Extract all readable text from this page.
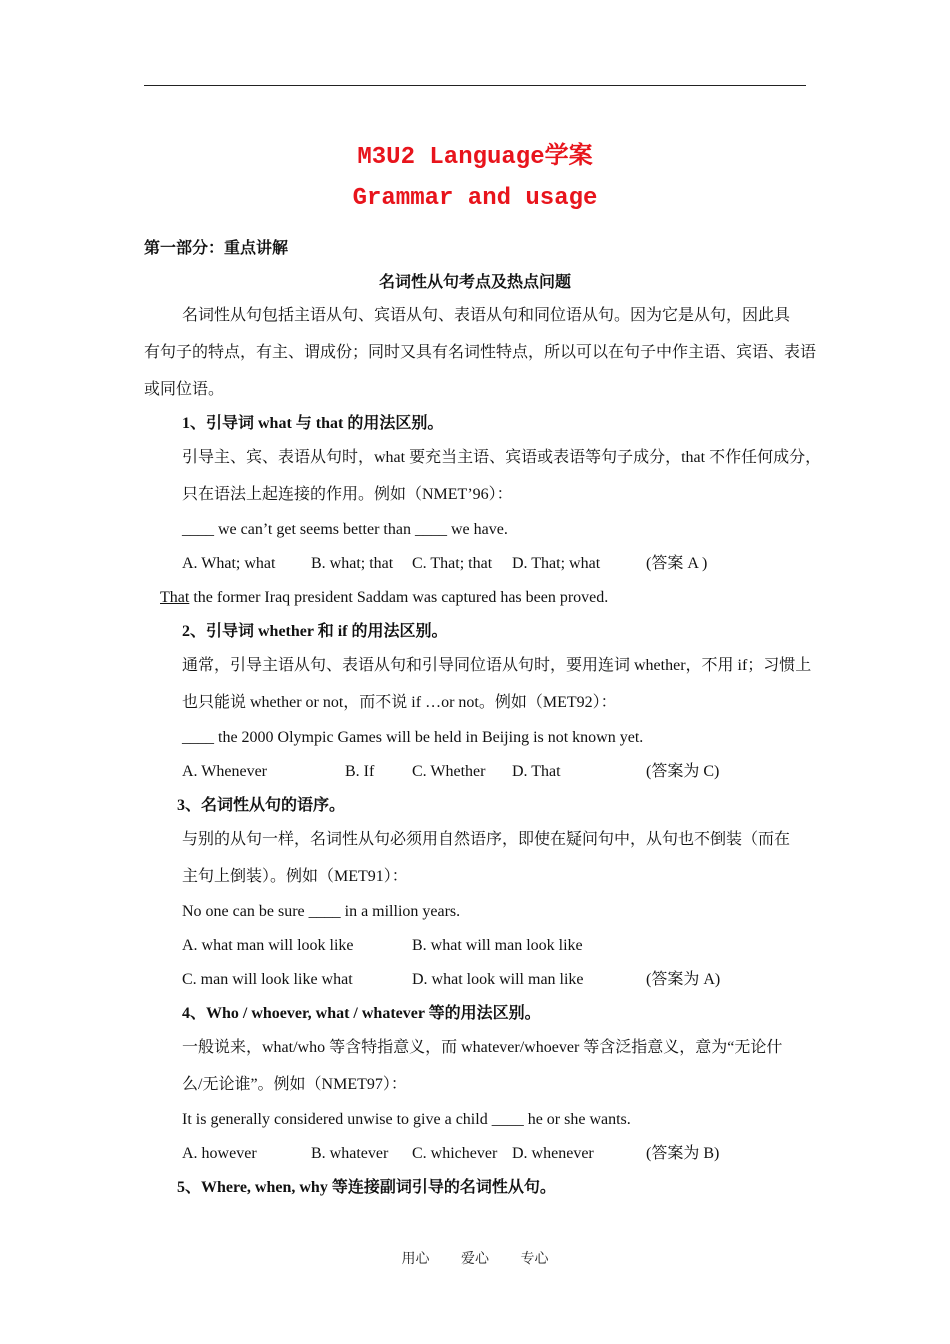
M3U2 Language学案
Grammar and usage
第一部分：重点讲解
名词性从句考点及热点问题
名词性从句包括主语从句、宾语从句、表语从句和同位语从句。因为它是从句，因此具
有句子的特点，有主、谓成份；同时又具有名词性特点，所以可以在句子中作主语、宾语、表语
或同位语。
1、引导词 what 与 that 的用法区别。
引导主、宾、表语从句时，what 要充当主语、宾语或表语等句子成分，that 不作任何成分，
只在语法上起连接的作用。例如（NMET’96）：
____ we can’t get seems better than ____ we have.
A. What; what B. what; that C. That; that D. That; what	(答案 A )
That the former Iraq president Saddam was captured has been proved.
2、引导词 whether 和 if 的用法区别。
通常，引导主语从句、表语从句和引导同位语从句时，要用连词 whether，不用 if；习惯上
也只能说 whether or not，而不说 if …or not。例如（MET92）：
____ the 2000 Olympic Games will be held in Beijing is not known yet.
A. Whenever	B. If C. Whether D. That	(答案为 C)
3、名词性从句的语序。
与别的从句一样，名词性从句必须用自然语序，即使在疑问句中，从句也不倒装（而在
主句上倒装）。例如（MET91）：
No one can be sure ____ in a million years.
A. what man will look like	B. what will man look like
C. man will look like what	D. what look will man like	(答案为 A)
4、Who / whoever, what / whatever 等的用法区别。
一般说来，what/who 等含特指意义，而 whatever/whoever 等含泛指意义，意为“无论什
么/无论谁”。例如（NMET97）：
It is generally considered unwise to give a child ____ he or she wants.
A. however	B. whatever C. whichever D. whenever	(答案为 B)
5、Where, when, why 等连接副词引导的名词性从句。
用心 爱心 专心
